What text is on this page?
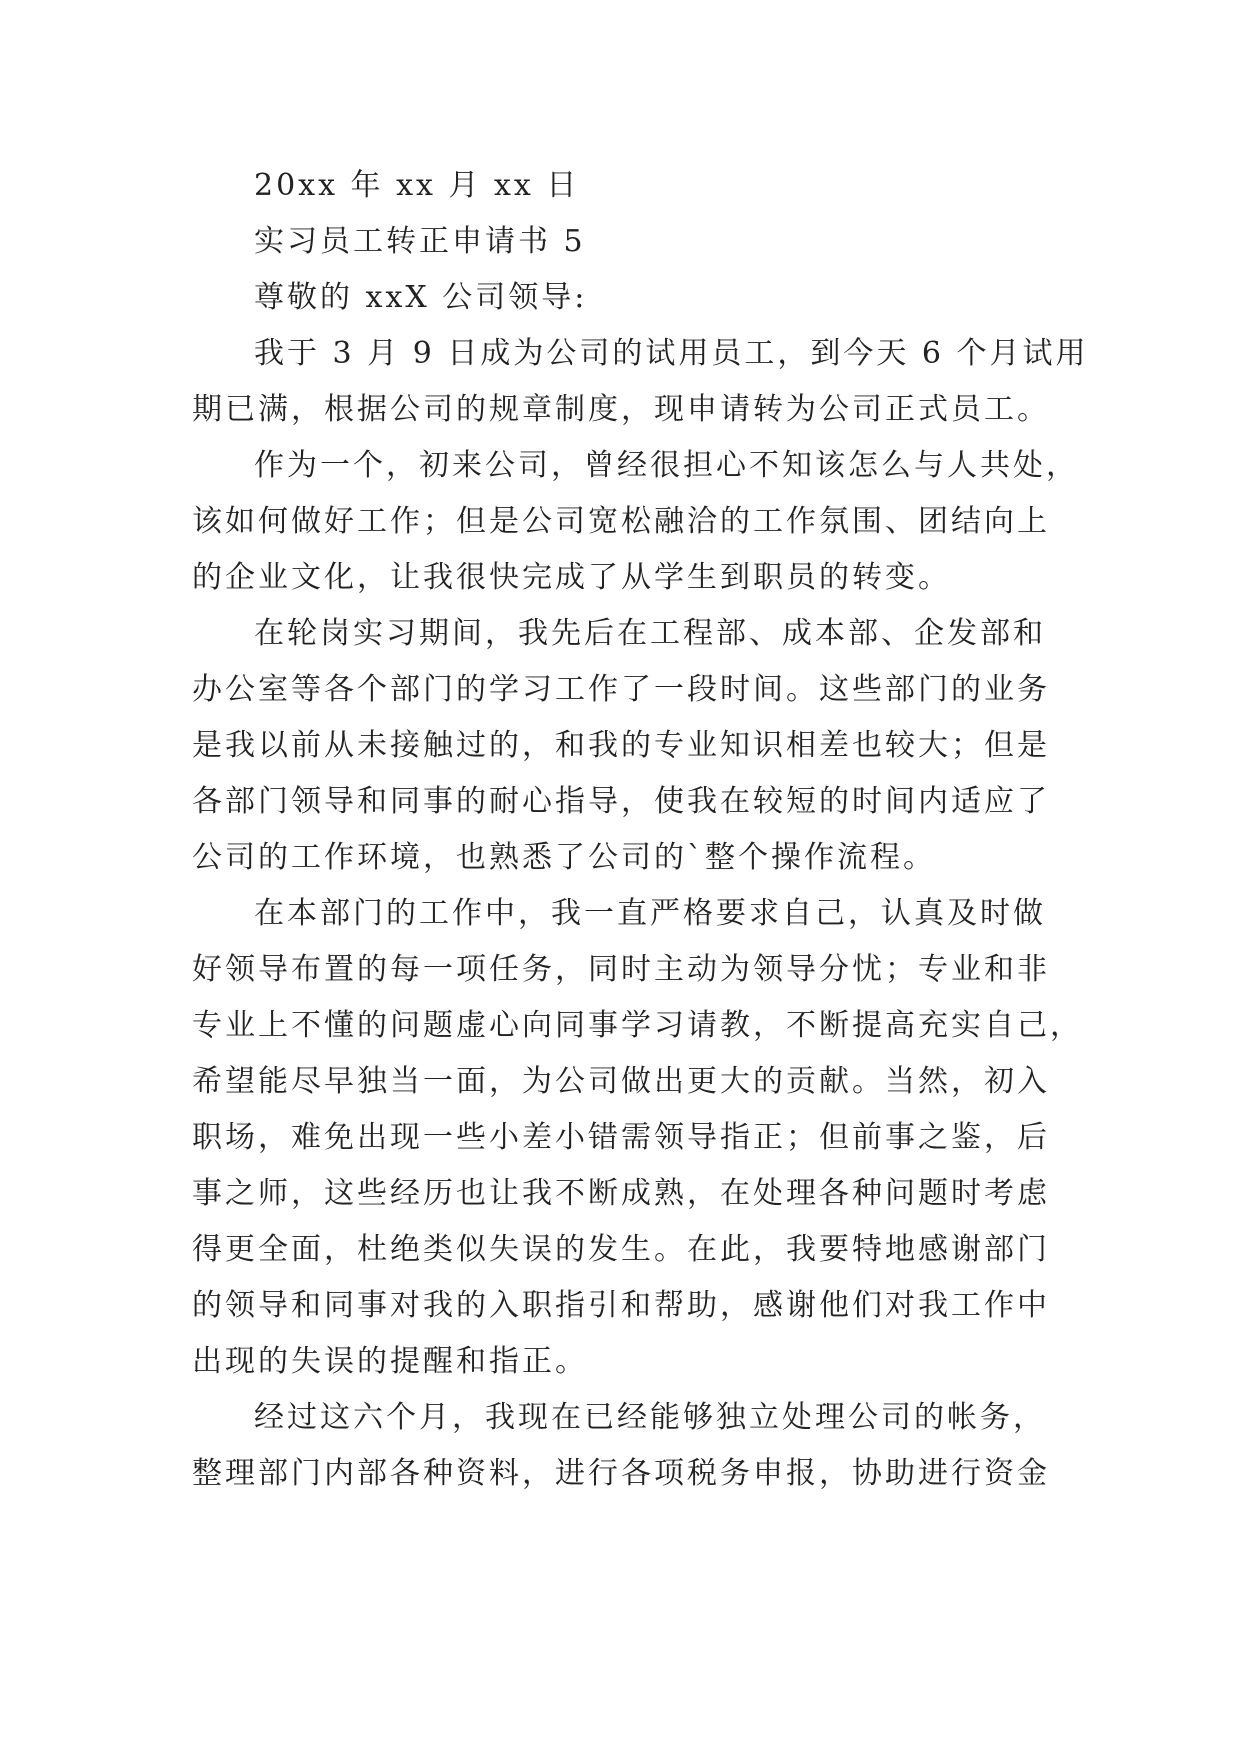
20xx 年 xx 月 xx 日
实习员工转正申请书 5
尊敬的 xxX 公司领导:
我于 3 月 9 日成为公司的试用员工，到今天 6 个月试用
期已满，根据公司的规章制度，现申请转为公司正式员工。
作为一个，初来公司，曾经很担心不知该怎么与人共处，
该如何做好工作；但是公司宽松融洽的工作氛围、团结向上
的企业文化，让我很快完成了从学生到职员的转变。
在轮岗实习期间，我先后在工程部、成本部、企发部和
办公室等各个部门的学习工作了一段时间。这些部门的业务
是我以前从未接触过的，和我的专业知识相差也较大；但是
各部门领导和同事的耐心指导，使我在较短的时间内适应了
公司的工作环境，也熟悉了公司的`整个操作流程。
在本部门的工作中，我一直严格要求自己，认真及时做
好领导布置的每一项任务，同时主动为领导分忧；专业和非
专业上不懂的问题虚心向同事学习请教，不断提高充实自己，
希望能尽早独当一面，为公司做出更大的贡献。当然，初入
职场，难免出现一些小差小错需领导指正；但前事之鉴，后
事之师，这些经历也让我不断成熟，在处理各种问题时考虑
得更全面，杜绝类似失误的发生。在此，我要特地感谢部门
的领导和同事对我的入职指引和帮助，感谢他们对我工作中
出现的失误的提醒和指正。
经过这六个月，我现在已经能够独立处理公司的帐务，
整理部门内部各种资料，进行各项税务申报，协助进行资金
